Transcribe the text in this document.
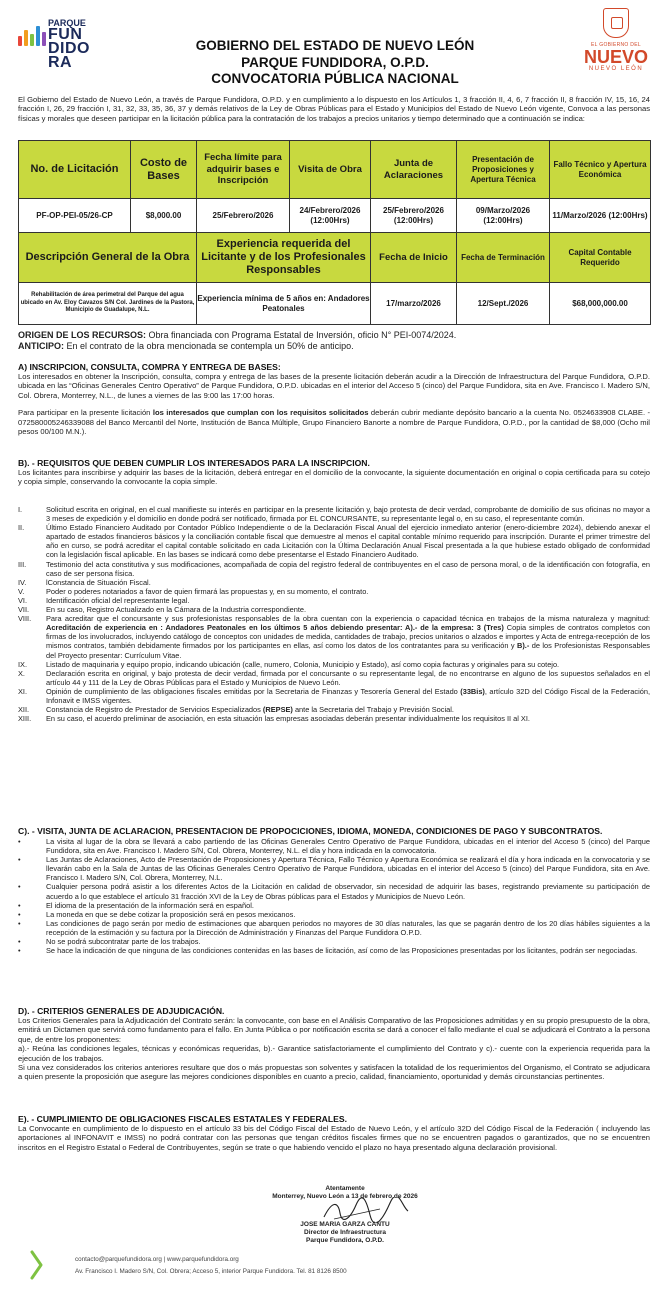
PARQUE
FUN
DIDO
RA
GOBIERNO DEL ESTADO DE NUEVO LEÓN
PARQUE FUNDIDORA, O.P.D.
CONVOCATORIA PÚBLICA NACIONAL
EL GOBIERNO DEL
NUEVO
NUEVO LEÓN
El Gobierno del Estado de Nuevo León, a través de Parque Fundidora, O.P.D. y en cumplimiento a lo dispuesto en los Artículos 1, 3 fracción II, 4, 6, 7 fracción II, 8 fracción IV, 15, 16, 24 fracción I, 26, 29 fracción I, 31, 32, 33, 35, 36, 37 y demás relativos de la Ley de Obras Públicas para el Estado y Municipios del Estado de Nuevo León vigente, Convoca a las personas físicas y morales que deseen participar en la licitación pública para la contratación de los trabajos a precios unitarios y tiempo determinado que a continuación se indica:
No. de Licitación	Costo de Bases	Fecha límite para adquirir bases e Inscripción	Visita de Obra	Junta de Aclaraciones	Presentación de Proposiciones y Apertura Técnica	Fallo Técnico y Apertura Económica
PF-OP-PEI-05/26-CP	$8,000.00	25/Febrero/2026	24/Febrero/2026 (12:00Hrs)	25/Febrero/2026 (12:00Hrs)	09/Marzo/2026 (12:00Hrs)	11/Marzo/2026 (12:00Hrs)
Descripción General de la Obra		Experiencia requerida del Licitante y de los Profesionales Responsables		Fecha de Inicio	Fecha de Terminación	Capital Contable Requerido
Rehabilitación de área perimetral del Parque del agua ubicado en Av. Eloy Cavazos S/N Col. Jardines de la Pastora, Municipio de Guadalupe, N.L.		Experiencia mínima de 5 años en: Andadores Peatonales		17/marzo/2026	12/Sept./2026	$68,000,000.00
ORIGEN DE LOS RECURSOS: Obra financiada con Programa Estatal de Inversión, oficio N° PEI-0074/2024.
ANTICIPO: En el contrato de la obra mencionada se contempla un 50% de anticipo.
A) INSCRIPCION, CONSULTA, COMPRA Y ENTREGA DE BASES:
Los interesados en obtener la Inscripción, consulta, compra y entrega de las bases de la presente licitación deberán acudir a la Dirección de Infraestructura del Parque Fundidora, O.P.D. ubicada en las “Oficinas Generales Centro Operativo” de Parque Fundidora, O.P.D. ubicadas en el interior del Acceso 5 (cinco) del Parque Fundidora, sita en Ave. Francisco I. Madero S/N, Col. Obrera, Monterrey, N.L., de lunes a viernes de las 9:00 las 17:00 horas.
Para participar en la presente licitación los interesados que cumplan con los requisitos solicitados deberán cubrir mediante depósito bancario a la cuenta No. 0524633908 CLABE. - 072580005246339088 del Banco Mercantil del Norte, Institución de Banca Múltiple, Grupo Financiero Banorte a nombre de Parque Fundidora, O.P.D., por la cantidad de $8,000 (Ocho mil pesos 00/100 M.N.).
B). - REQUISITOS QUE DEBEN CUMPLIR LOS INTERESADOS PARA LA INSCRIPCION.
Los licitantes para inscribirse y adquirir las bases de la licitación, deberá entregar en el domicilio de la convocante, la siguiente documentación en original o copia certificada para su cotejo y copia simple, conservando la convocante la copia simple.
I.	Solicitud escrita en original, en el cual manifieste su interés en participar en la presente licitación y, bajo protesta de decir verdad, comprobante de domicilio de sus oficinas no mayor a 3 meses de expedición y el domicilio en donde podrá ser notificado, firmada por EL CONCURSANTE, su representante legal o, en su caso, el representante común.
II.	Último Estado Financiero Auditado por Contador Público Independiente o de la Declaración Fiscal Anual del ejercicio inmediato anterior (enero-diciembre 2024), debiendo anexar el apartado de estados financieros básicos y la conciliación contable fiscal que demuestre al menos el capital contable mínimo requerido para inscripción. Durante el primer trimestre del año en curso, se podrá acreditar el capital contable solicitado en cada Licitación con la Última Declaración Anual Fiscal presentada a la que hubiese estado obligado de conformidad con la legislación fiscal aplicable. En las bases se indicará como debe presentarse el Estado Financiero Auditado.
III.	Testimonio del acta constitutiva y sus modificaciones, acompañada de copia del registro federal de contribuyentes en el caso de persona moral, o de la identificación con fotografía, en caso de ser persona física.
IV.	lConstancia de Situación Fiscal.
V.	Poder o poderes notariados a favor de quien firmará las propuestas y, en su momento, el contrato.
VI.	Identificación oficial del representante legal.
VII.	En su caso, Registro Actualizado en la Cámara de la Industria correspondiente.
VIII.	Para acreditar que el concursante y sus profesionistas responsables de la obra cuentan con la experiencia o capacidad técnica en trabajos de la misma naturaleza y magnitud: Acreditación de experiencia en : Andadores Peatonales en los últimos 5 años debiendo presentar: A).- de la empresa: 3 (Tres) Copia simples de contratos completos con firmas de los involucrados, incluyendo catálogo de conceptos con unidades de medida, cantidades de trabajo, precios unitarios o alzados e importes y Acta de entrega-recepción de los mismos contratos, también debidamente firmados por los participantes en ellas, así como los datos de los contratantes para su verificación y B).- de los Profesionistas Responsables del Proyecto presentar: Currículum Vitae.
IX.	Listado de maquinaria y equipo propio, indicando ubicación (calle, numero, Colonia, Municipio y Estado), así como copia facturas y originales para su cotejo.
X.	Declaración escrita en original, y bajo protesta de decir verdad, firmada por el concursante o su representante legal, de no encontrarse en alguno de los supuestos señalados en el artículo 44 y 111 de la Ley de Obras Públicas para el Estado y Municipios de Nuevo León.
XI.	Opinión de cumplimiento de las obligaciones fiscales emitidas por la Secretaria de Finanzas y Tesorería General del Estado (33Bis), artículo 32D del Código Fiscal de la Federación, Infonavit e IMSS vigentes.
XII.	Constancia de Registro de Prestador de Servicios Especializados (REPSE) ante la Secretaria del Trabajo y Previsión Social.
XIII.	En su caso, el acuerdo preliminar de asociación, en esta situación las empresas asociadas deberán presentar individualmente los requisitos II al XI.
C). - VISITA, JUNTA DE ACLARACION, PRESENTACION DE PROPOCICIONES, IDIOMA, MONEDA, CONDICIONES DE PAGO Y SUBCONTRATOS.
•	La visita al lugar de la obra se llevará a cabo partiendo de las Oficinas Generales Centro Operativo de Parque Fundidora, ubicadas en el interior del Acceso 5 (cinco) del Parque Fundidora, sita en Ave. Francisco I. Madero S/N, Col. Obrera, Monterrey, N.L. el día y hora indicada en la convocatoria.
•	Las Juntas de Aclaraciones, Acto de Presentación de Proposiciones y Apertura Técnica, Fallo Técnico y Apertura Económica se realizará el día y hora indicada en la convocatoria y se llevarán cabo en la Sala de Juntas de las Oficinas Generales Centro Operativo de Parque Fundidora, ubicadas en el interior del Acceso 5 (cinco) del Parque Fundidora, sita en Ave. Francisco I. Madero S/N, Col. Obrera, Monterrey, N.L.
•	Cualquier persona podrá asistir a los diferentes Actos de la Licitación en calidad de observador, sin necesidad de adquirir las bases, registrando previamente su participación de acuerdo a lo que establece el artículo 31 fracción XVI de la Ley de Obras públicas para el Estados y Municipios de Nuevo León.
•	El idioma de la presentación de la información será en español.
•	La moneda en que se debe cotizar la proposición será en pesos mexicanos.
•	Las condiciones de pago serán por medio de estimaciones que abarquen periodos no mayores de 30 días naturales, las que se pagarán dentro de los 20 días hábiles siguientes a la recepción de la estimación y su factura por la Dirección de Administración y Finanzas del Parque Fundidora O.P.D.
•	No se podrá subcontratar parte de los trabajos.
•	Se hace la indicación de que ninguna de las condiciones contenidas en las bases de licitación, así como de las Proposiciones presentadas por los licitantes, podrán ser negociadas.
D). - CRITERIOS GENERALES DE ADJUDICACIÓN.
Los Criterios Generales para la Adjudicación del Contrato serán: la convocante, con base en el Análisis Comparativo de las Proposiciones admitidas y en su propio presupuesto de la obra, emitirá un Dictamen que servirá como fundamento para el fallo. En Junta Pública o por notificación escrita se dará a conocer el fallo mediante el cual se adjudicará el Contrato a la persona que, de entre los proponentes:
a).- Reúna las condiciones legales, técnicas y económicas requeridas, b).- Garantice satisfactoriamente el cumplimiento del Contrato y c).- cuente con la experiencia requerida para la ejecución de los trabajos.
Si una vez considerados los criterios anteriores resultare que dos o más propuestas son solventes y satisfacen la totalidad de los requerimientos del Organismo, el Contrato se adjudicara a quien presente la proposición que asegure las mejores condiciones disponibles en cuanto a precio, calidad, financiamiento, oportunidad y demás circunstancias pertinentes.
E). - CUMPLIMIENTO DE OBLIGACIONES FISCALES ESTATALES Y FEDERALES.
La Convocante en cumplimiento de lo dispuesto en el artículo 33 bis del Código Fiscal del Estado de Nuevo León, y el artículo 32D del Código Fiscal de la Federación ( incluyendo las aportaciones al INFONAVIT e IMSS) no podrá contratar con las personas que tengan créditos fiscales firmes que no se encuentren pagados o garantizados, que no se encuentren inscritos en el Registro Estatal o Federal de Contribuyentes, según se trate o que habiendo vencido el plazo no haya presentado alguna declaración provisional.
Atentamente
Monterrey, Nuevo León a 13 de febrero de 2026
JOSE MARIA GARZA CANTU
Director de Infraestructura
Parque Fundidora, O.P.D.
contacto@parquefundidora.org | www.parquefundidora.org
Av. Francisco I. Madero S/N, Col. Obrera; Acceso 5, interior Parque Fundidora. Tel. 81 8126 8500
